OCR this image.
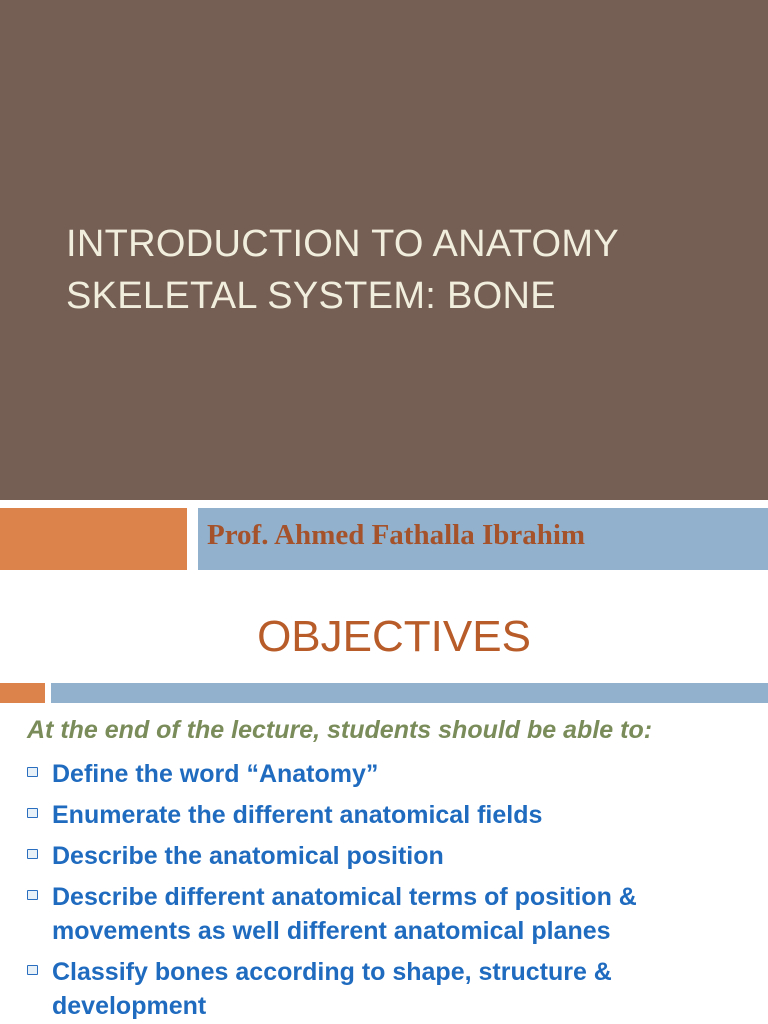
INTRODUCTION TO ANATOMY
SKELETAL SYSTEM: BONE
Prof. Ahmed Fathalla Ibrahim
OBJECTIVES
At the end of the lecture, students should be able to:
Define the word “Anatomy”
Enumerate the different anatomical fields
Describe the anatomical position
Describe different anatomical terms of position & movements as well different anatomical planes
Classify bones according to shape, structure & development
